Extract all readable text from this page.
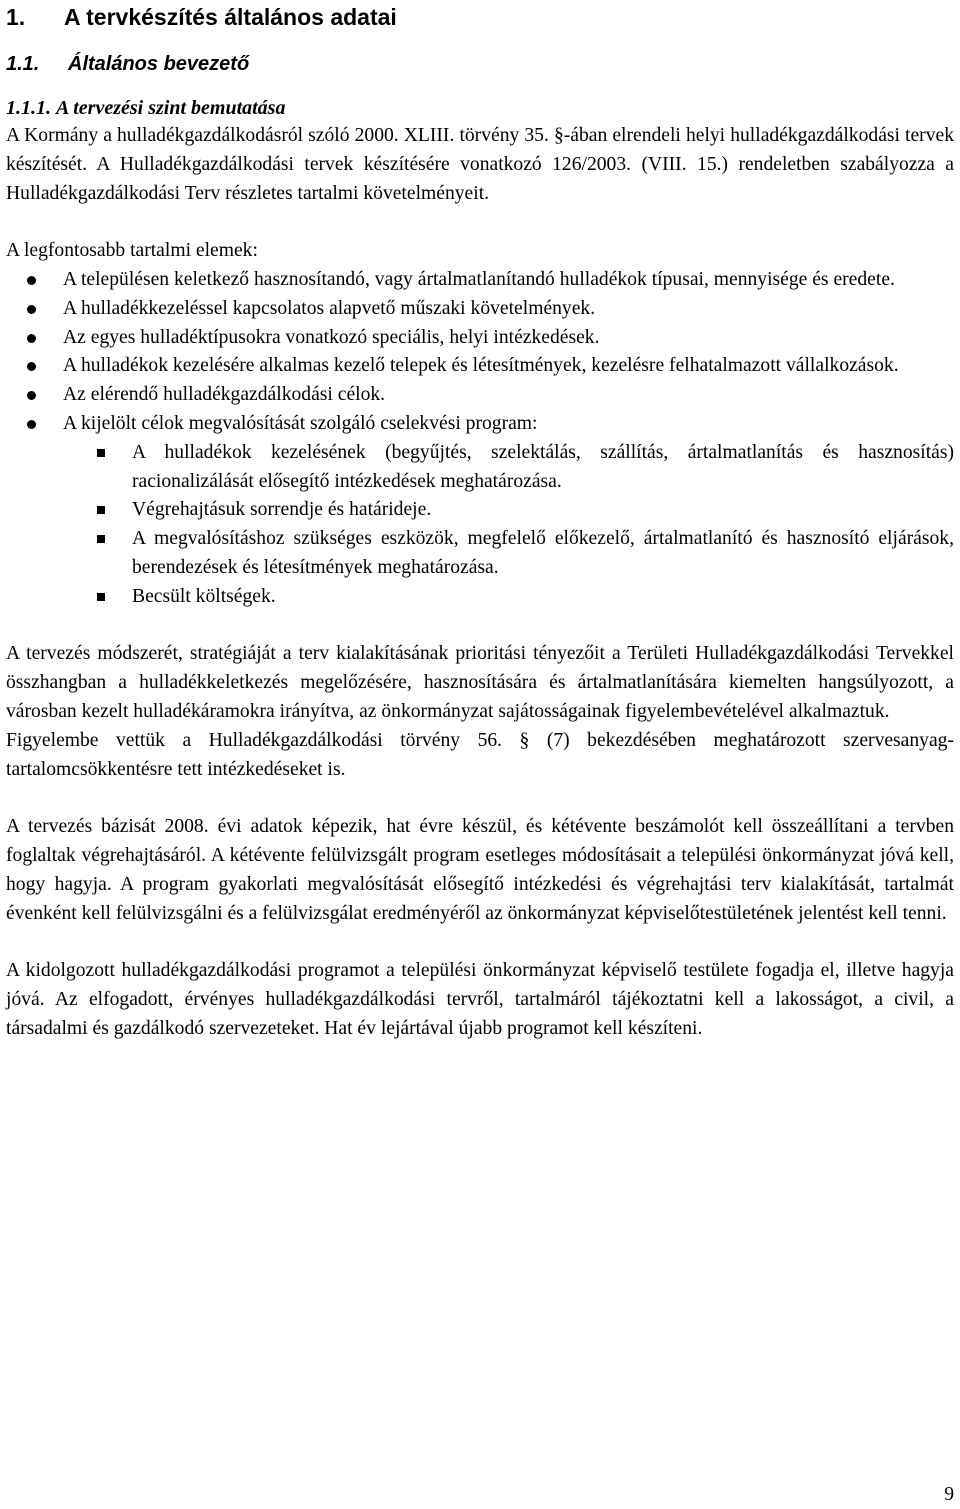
1.	A tervkészítés általános adatai
1.1.	Általános bevezető
1.1.1. A tervezési szint bemutatása

A Kormány a hulladékgazdálkodásról szóló 2000. XLIII. törvény 35. §-ában elrendeli helyi hulladékgazdálkodási tervek készítését. A Hulladékgazdálkodási tervek készítésére vonatkozó 126/2003. (VIII. 15.) rendeletben szabályozza a Hulladékgazdálkodási Terv részletes tartalmi követelményeit.

A legfontosabb tartalmi elemek:

A településen keletkező hasznosítandó, vagy ártalmatlanítandó hulladékok típusai, mennyisége és eredete.
A hulladékkezeléssel kapcsolatos alapvető műszaki követelmények.
Az egyes hulladéktípusokra vonatkozó speciális, helyi intézkedések.
A hulladékok kezelésére alkalmas kezelő telepek és létesítmények, kezelésre felhatalmazott vállalkozások.
Az elérendő hulladékgazdálkodási célok.
A kijelölt célok megvalósítását szolgáló cselekvési program:
A hulladékok kezelésének (begyűjtés, szelektálás, szállítás, ártalmatlanítás és hasznosítás) racionalizálását elősegítő intézkedések meghatározása.
Végrehajtásuk sorrendje és határideje.
A megvalósításhoz szükséges eszközök, megfelelő előkezelő, ártalmatlanító és hasznosító eljárások, berendezések és létesítmények meghatározása.
Becsült költségek.

A tervezés módszerét, stratégiáját a terv kialakításának prioritási tényezőit a Területi Hulladékgazdálkodási Tervekkel összhangban a hulladékkeletkezés megelőzésére, hasznosítására és ártalmatlanítására kiemelten hangsúlyozott, a városban kezelt hulladékáramokra irányítva, az önkormányzat sajátosságainak figyelembevételével alkalmaztuk.

Figyelembe vettük a Hulladékgazdálkodási törvény 56. § (7) bekezdésében meghatározott szervesanyag-tartalomcsökkentésre tett intézkedéseket is.

A tervezés bázisát 2008. évi adatok képezik, hat évre készül, és kétévente beszámolót kell összeállítani a tervben foglaltak végrehajtásáról. A kétévente felülvizsgált program esetleges módosításait a települési önkormányzat jóvá kell, hogy hagyja. A program gyakorlati megvalósítását elősegítő intézkedési és végrehajtási terv kialakítását, tartalmát évenként kell felülvizsgálni és a felülvizsgálat eredményéről az önkormányzat képviselőtestületének jelentést kell tenni.

A kidolgozott hulladékgazdálkodási programot a települési önkormányzat képviselő testülete fogadja el, illetve hagyja jóvá. Az elfogadott, érvényes hulladékgazdálkodási tervről, tartalmáról tájékoztatni kell a lakosságot, a civil, a társadalmi és gazdálkodó szervezeteket. Hat év lejártával újabb programot kell készíteni.

9
